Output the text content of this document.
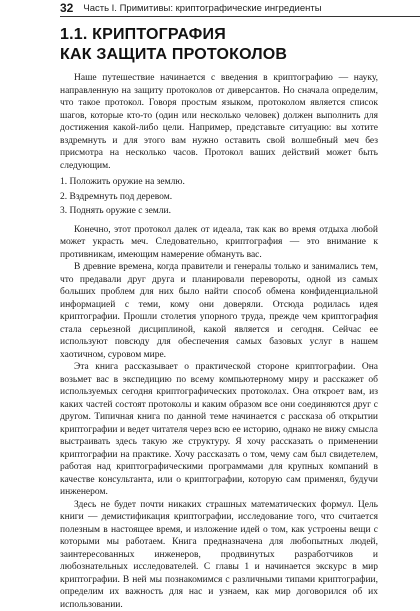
32 Часть I. Примитивы: криптографические ингредиенты
1.1. КРИПТОГРАФИЯ
КАК ЗАЩИТА ПРОТОКОЛОВ

Наше путешествие начинается с введения в криптографию — науку, направленную на защиту протоколов от диверсантов. Но сначала определим, что такое протокол. Говоря простым языком, протоколом является список шагов, которые кто-то (один или несколько человек) должен выполнить для достижения какой-либо цели. Например, представьте ситуацию: вы хотите вздремнуть и для этого вам нужно оставить свой волшебный меч без присмотра на несколько часов. Протокол ваших действий может быть следующим.

1. Положить оружие на землю.
2. Вздремнуть под деревом.
3. Поднять оружие с земли.

Конечно, этот протокол далек от идеала, так как во время отдыха любой может украсть меч. Следовательно, криптография — это внимание к противникам, имеющим намерение обмануть вас.

В древние времена, когда правители и генералы только и занимались тем, что предавали друг друга и планировали перевороты, одной из самых больших проблем для них было найти способ обмена конфиденциальной информацией с теми, кому они доверяли. Отсюда родилась идея криптографии. Прошли столетия упорного труда, прежде чем криптография стала серьезной дисциплиной, какой является и сегодня. Сейчас ее используют повсюду для обеспечения самых базовых услуг в нашем хаотичном, суровом мире.

Эта книга рассказывает о практической стороне криптографии. Она возьмет вас в экспедицию по всему компьютерному миру и расскажет об используемых сегодня криптографических протоколах. Она откроет вам, из каких частей состоят протоколы и каким образом все они соединяются друг с другом. Типичная книга по данной теме начинается с рассказа об открытии криптографии и ведет читателя через всю ее историю, однако не вижу смысла выстраивать здесь такую же структуру. Я хочу рассказать о применении криптографии на практике. Хочу рассказать о том, чему сам был свидетелем, работая над криптографическими программами для крупных компаний в качестве консультанта, или о криптографии, которую сам применял, будучи инженером.

Здесь не будет почти никаких страшных математических формул. Цель книги — демистификация криптографии, исследование того, что считается полезным в настоящее время, и изложение идей о том, как устроены вещи с которыми мы работаем. Книга предназначена для любопытных людей, заинтересованных инженеров, продвинутых разработчиков и любознательных исследователей. С главы 1 и начинается экскурс в мир криптографии. В ней мы познакомимся с различными типами криптографии, определим их важность для нас и узнаем, как мир договорился об их использовании.
